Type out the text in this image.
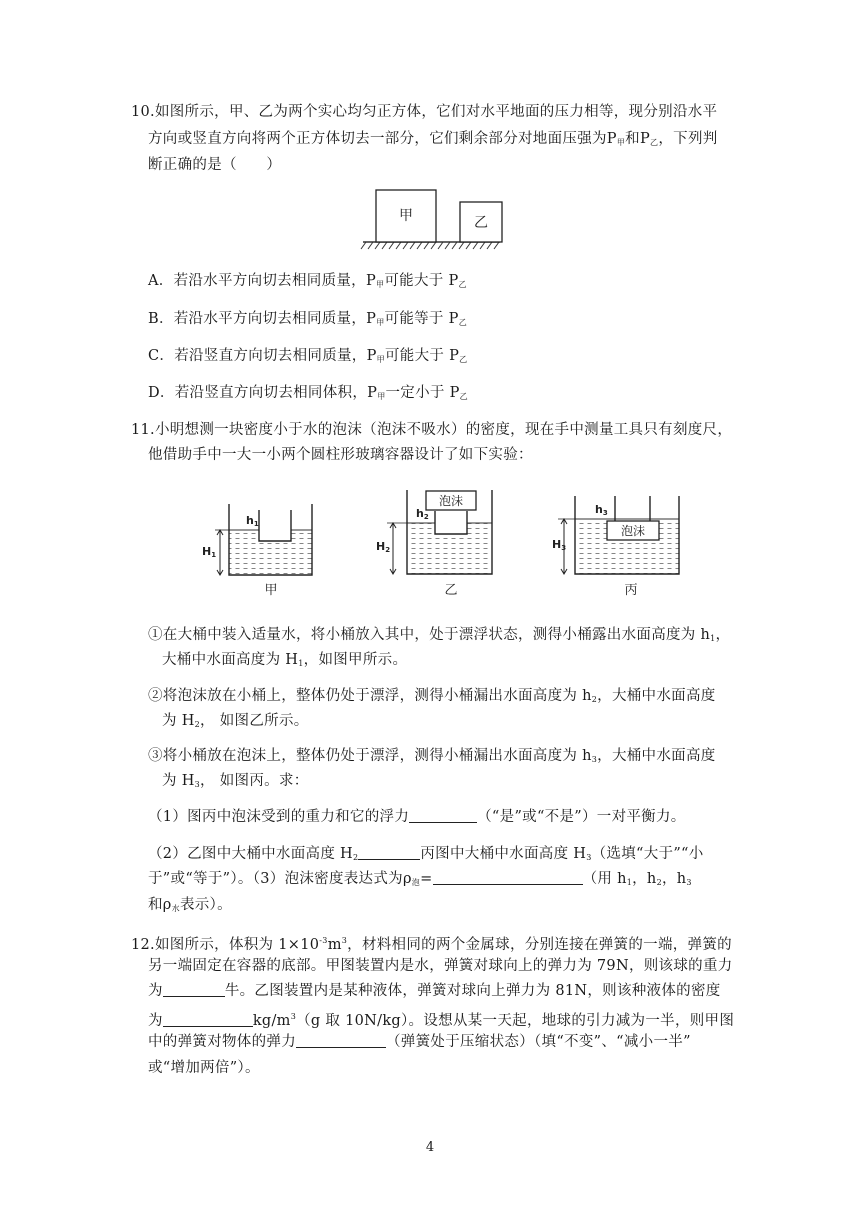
10.如图所示，甲、乙为两个实心均匀正方体，它们对水平地面的压力相等，现分别沿水平
方向或竖直方向将两个正方体切去一部分，它们剩余部分对地面压强为$P_甲$和$P_乙$，下列判
断正确的是（　　）
甲	乙
A．若沿水平方向切去相同质量，$P_甲$可能大于 $P_乙$
B．若沿水平方向切去相同质量，$P_甲$可能等于 $P_乙$
C．若沿竖直方向切去相同质量，$P_甲$可能大于 $P_乙$
D．若沿竖直方向切去相同体积，$P_甲$一定小于 $P_乙$
11.小明想测一块密度小于水的泡沫（泡沫不吸水）的密度，现在手中测量工具只有刻度尺，
他借助手中一大一小两个圆柱形玻璃容器设计了如下实验：
h1
H1
甲
泡沫
h2
H2
乙
泡沫
h3
H3
丙
①在大桶中装入适量水，将小桶放入其中，处于漂浮状态，测得小桶露出水面高度为 $h_1$，
大桶中水面高度为 $H_1$，如图甲所示。
②将泡沫放在小桶上，整体仍处于漂浮，测得小桶漏出水面高度为 $h_2$，大桶中水面高度
为 $H_2$， 如图乙所示。
③将小桶放在泡沫上，整体仍处于漂浮，测得小桶漏出水面高度为 $h_3$，大桶中水面高度
为 $H_3$， 如图丙。求：
（1）图丙中泡沫受到的重力和它的浮力	（“是”或“不是”）一对平衡力。
（2）乙图中大桶中水面高度 $H_2$	丙图中大桶中水面高度 $H_3$（选填“大于”“小
于”或“等于”）。（3）泡沫密度表达式为$\rho_泡=$	（用 $h_1$，$h_2$，$h_3$
和$\rho_水$表示）。
12.如图所示，体积为 $1\times 10^{-3}m^3$，材料相同的两个金属球，分别连接在弹簧的一端，弹簧的
另一端固定在容器的底部。甲图装置内是水，弹簧对球向上的弹力为 79N，则该球的重力
为	牛。乙图装置内是某种液体，弹簧对球向上弹力为 81N，则该种液体的密度
为	$kg/m^3(g$ 取 10N/kg）。设想从某一天起，地球的引力减为一半，则甲图
中的弹簧对物体的弹力	（弹簧处于压缩状态）（填“不变”、“减小一半”
或“增加两倍”）。
4
